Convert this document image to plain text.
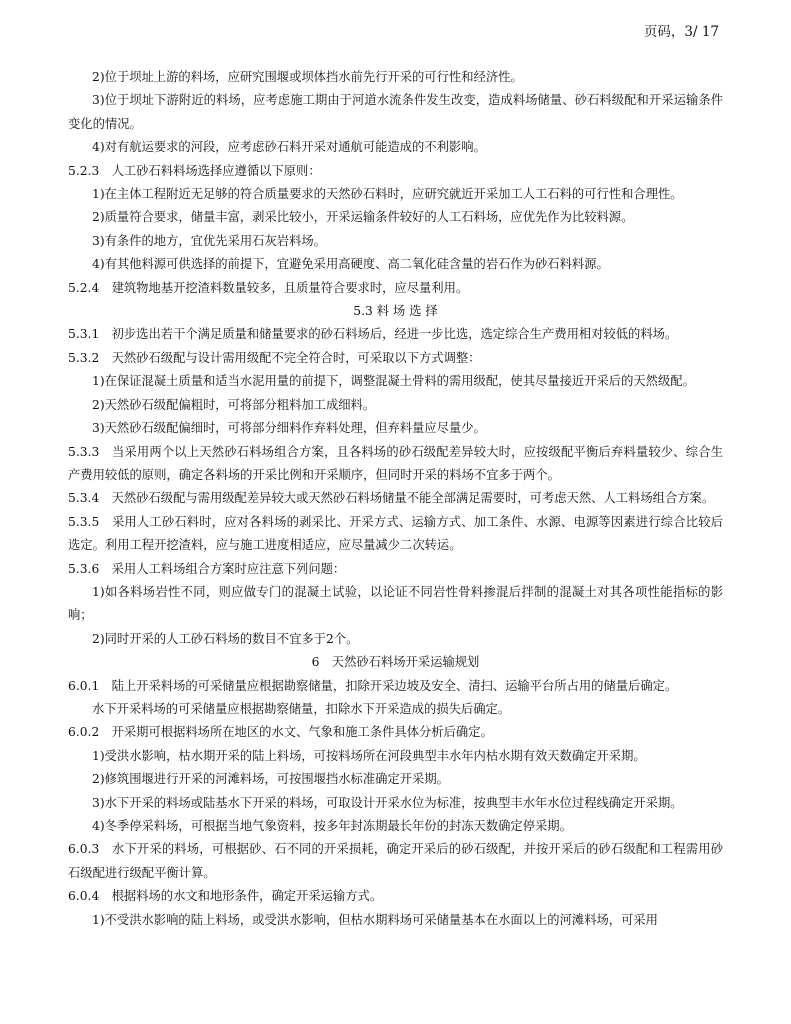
页码，3/ 17

2)位于坝址上游的料场，应研究围堰或坝体挡水前先行开采的可行性和经济性。

3)位于坝址下游附近的料场，应考虑施工期由于河道水流条件发生改变，造成料场储量、砂石料级配和开采运输条件变化的情况。

4)对有航运要求的河段，应考虑砂石料开采对通航可能造成的不利影响。

5.2.3　人工砂石料料场选择应遵循以下原则：

1)在主体工程附近无足够的符合质量要求的天然砂石料时，应研究就近开采加工人工石料的可行性和合理性。

2)质量符合要求，储量丰富，剥采比较小，开采运输条件较好的人工石料场，应优先作为比较料源。

3)有条件的地方，宜优先采用石灰岩料场。

4)有其他料源可供选择的前提下，宜避免采用高硬度、高二氧化硅含量的岩石作为砂石料料源。

5.2.4　建筑物地基开挖渣料数量较多，且质量符合要求时，应尽量利用。

5.3 料 场 选 择

5.3.1　初步选出若干个满足质量和储量要求的砂石料场后，经进一步比选，选定综合生产费用相对较低的料场。

5.3.2　天然砂石级配与设计需用级配不完全符合时，可采取以下方式调整：

1)在保证混凝土质量和适当水泥用量的前提下，调整混凝土骨料的需用级配，使其尽量接近开采后的天然级配。

2)天然砂石级配偏粗时，可将部分粗料加工成细料。

3)天然砂石级配偏细时，可将部分细料作弃料处理，但弃料量应尽量少。

5.3.3　当采用两个以上天然砂石料场组合方案，且各料场的砂石级配差异较大时，应按级配平衡后弃料量较少、综合生产费用较低的原则，确定各料场的开采比例和开采顺序，但同时开采的料场不宜多于两个。

5.3.4　天然砂石级配与需用级配差异较大或天然砂石料场储量不能全部满足需要时，可考虑天然、人工料场组合方案。

5.3.5　采用人工砂石料时，应对各料场的剥采比、开采方式、运输方式、加工条件、水源、电源等因素进行综合比较后选定。利用工程开挖渣料，应与施工进度相适应，应尽量减少二次转运。

5.3.6　采用人工料场组合方案时应注意下列问题：

1)如各料场岩性不同，则应做专门的混凝土试验，以论证不同岩性骨料掺混后拌制的混凝土对其各项性能指标的影响；

2)同时开采的人工砂石料场的数目不宜多于2个。

6　天然砂石料场开采运输规划

6.0.1　陆上开采料场的可采储量应根据勘察储量，扣除开采边坡及安全、清扫、运输平台所占用的储量后确定。

水下开采料场的可采储量应根据勘察储量，扣除水下开采造成的损失后确定。

6.0.2　开采期可根据料场所在地区的水文、气象和施工条件具体分析后确定。

1)受洪水影响，枯水期开采的陆上料场，可按料场所在河段典型丰水年内枯水期有效天数确定开采期。

2)修筑围堰进行开采的河滩料场，可按围堰挡水标准确定开采期。

3)水下开采的料场或陆基水下开采的料场，可取设计开采水位为标准，按典型丰水年水位过程线确定开采期。

4)冬季停采料场，可根据当地气象资料，按多年封冻期最长年份的封冻天数确定停采期。

6.0.3　水下开采的料场，可根据砂、石不同的开采损耗，确定开采后的砂石级配，并按开采后的砂石级配和工程需用砂石级配进行级配平衡计算。

6.0.4　根据料场的水文和地形条件，确定开采运输方式。

1)不受洪水影响的陆上料场，或受洪水影响，但枯水期料场可采储量基本在水面以上的河滩料场，可采用
